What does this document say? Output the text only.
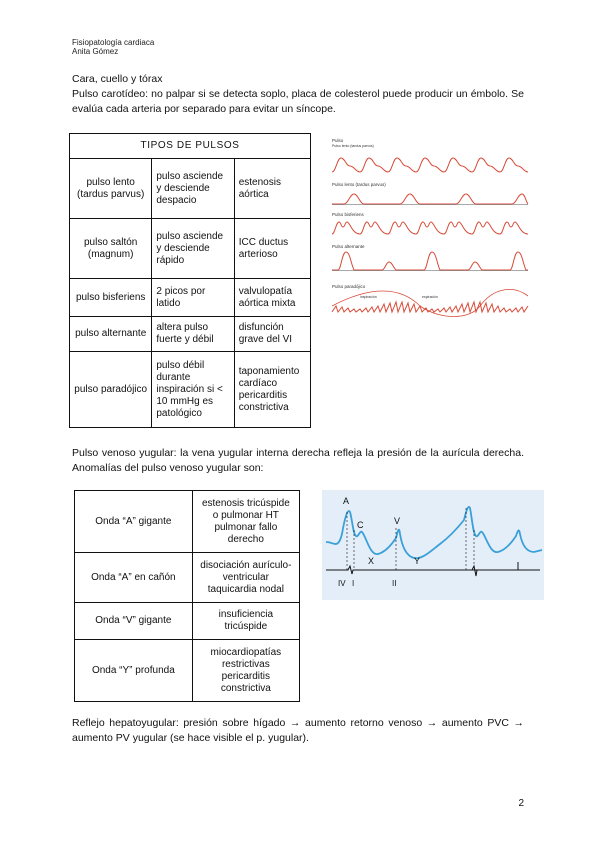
Fisiopatología cardiaca
Anita Gómez

Cara, cuello y tórax

Pulso carotídeo: no palpar si se detecta soplo, placa de colesterol puede producir un émbolo. Se evalúa cada arteria por separado para evitar un síncope.

TIPOS DE PULSOS		
pulso lento (tardus parvus)	pulso asciende y desciende despacio	estenosis aórtica
pulso saltón (magnum)	pulso asciende y desciende rápido	ICC ductus arterioso
pulso bisferiens	2 picos por latido	valvulopatía aórtica mixta
pulso alternante	altera pulso fuerte y débil	disfunción grave del VI
pulso paradójico	pulso débil durante inspiración si < 10 mmHg es patológico	taponamiento cardíaco pericarditis constrictiva
Pulso
Pulso lento (tardus parvus)
Pulso lento (tardus parvus)
Pulso bisferiens
Pulso alternante
Pulso paradójico
inspiración	espiración
Pulso venoso yugular: la vena yugular interna derecha refleja la presión de la aurícula derecha. Anomalías del pulso venoso yugular son:
Onda “A” gigante	estenosis tricúspide o pulmonar HT pulmonar fallo derecho
Onda “A” en cañón	disociación aurículo-ventricular taquicardia nodal
Onda “V” gigante	insuficiencia tricúspide
Onda “Y” profunda	miocardiopatías restrictivas pericarditis constrictiva
A
C	V
X	Y
IV I	II
Reflejo hepatoyugular: presión sobre hígado → aumento retorno venoso → aumento PVC → aumento PV yugular (se hace visible el p. yugular).
2
